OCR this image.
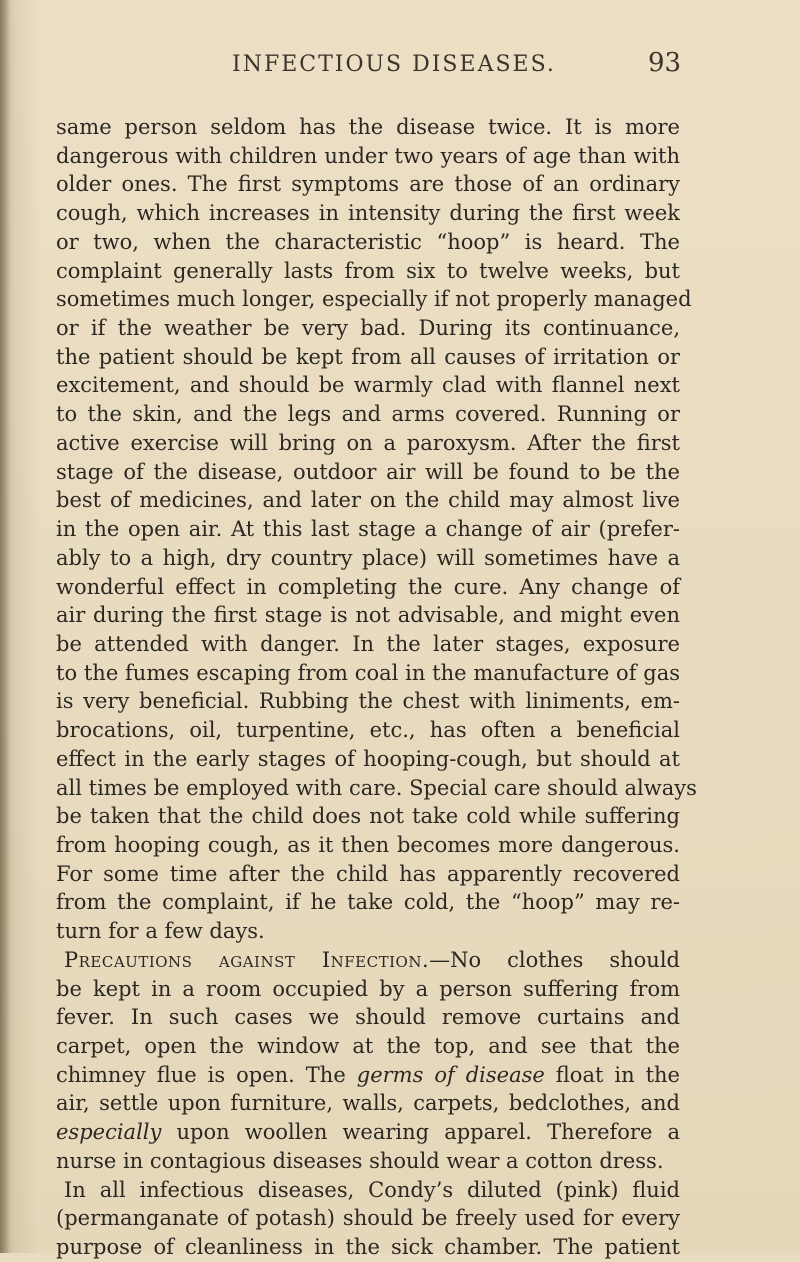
INFECTIOUS DISEASES.	93
same person seldom has the disease twice. It is more
dangerous with children under two years of age than with
older ones. The first symptoms are those of an ordinary
cough, which increases in intensity during the first week
or two, when the characteristic “hoop” is heard. The
complaint generally lasts from six to twelve weeks, but
sometimes much longer, especially if not properly managed
or if the weather be very bad. During its continuance,
the patient should be kept from all causes of irritation or
excitement, and should be warmly clad with flannel next
to the skin, and the legs and arms covered. Running or
active exercise will bring on a paroxysm. After the first
stage of the disease, outdoor air will be found to be the
best of medicines, and later on the child may almost live
in the open air. At this last stage a change of air (prefer-
ably to a high, dry country place) will sometimes have a
wonderful effect in completing the cure. Any change of
air during the first stage is not advisable, and might even
be attended with danger. In the later stages, exposure
to the fumes escaping from coal in the manufacture of gas
is very beneficial. Rubbing the chest with liniments, em-
brocations, oil, turpentine, etc., has often a beneficial
effect in the early stages of hooping-cough, but should at
all times be employed with care. Special care should always
be taken that the child does not take cold while suffering
from hooping cough, as it then becomes more dangerous.
For some time after the child has apparently recovered
from the complaint, if he take cold, the “hoop” may re-
turn for a few days.
Precautions against Infection.—No clothes should
be kept in a room occupied by a person suffering from
fever. In such cases we should remove curtains and
carpet, open the window at the top, and see that the
chimney flue is open. The germs of disease float in the
air, settle upon furniture, walls, carpets, bedclothes, and
especially upon woollen wearing apparel. Therefore a
nurse in contagious diseases should wear a cotton dress.
In all infectious diseases, Condy’s diluted (pink) fluid
(permanganate of potash) should be freely used for every
purpose of cleanliness in the sick chamber. The patient
